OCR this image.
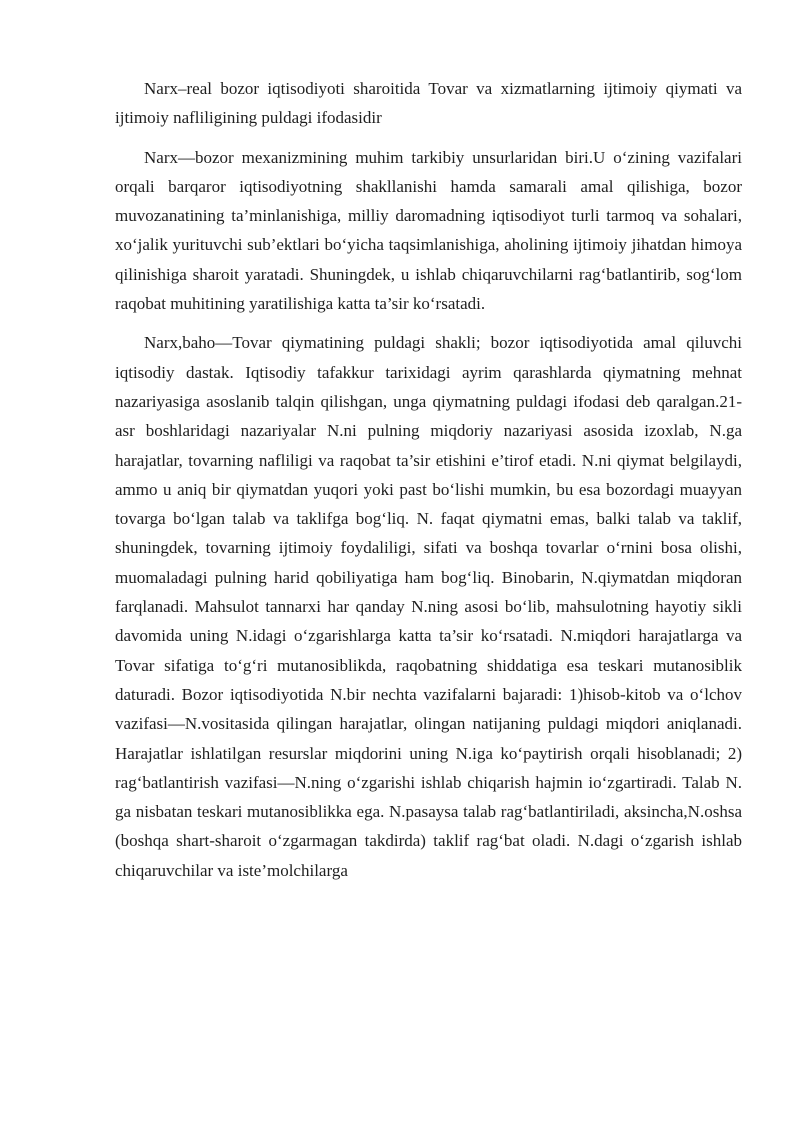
Narx–real bozor iqtisodiyoti sharoitida Tovar va xizmatlarning ijtimoiy qiymati va ijtimoiy nafliligining puldagi ifodasidir

Narx—bozor mexanizmining muhim tarkibiy unsurlaridan biri.U o‘zining vazifalari orqali barqaror iqtisodiyotning shakllanishi hamda samarali amal qilishiga, bozor muvozanatining ta’minlanishiga, milliy daromadning iqtisodiyot turli tarmoq va sohalari, xo‘jalik yurituvchi sub’ektlari bo‘yicha taqsimlanishiga, aholining ijtimoiy jihatdan himoya qilinishiga sharoit yaratadi. Shuningdek, u ishlab chiqaruvchilarni rag‘batlantirib, sog‘lom raqobat muhitining yaratilishiga katta ta’sir ko‘rsatadi.

Narx,baho—Tovar qiymatining puldagi shakli; bozor iqtisodiyotida amal qiluvchi iqtisodiy dastak. Iqtisodiy tafakkur tarixidagi ayrim qarashlarda qiymatning mehnat nazariyasiga asoslanib talqin qilishgan, unga qiymatning puldagi ifodasi deb qaralgan.21-asr boshlaridagi nazariyalar N.ni pulning miqdoriy nazariyasi asosida izoxlab, N.ga harajatlar, tovarning nafliligi va raqobat ta’sir etishini e’tirof etadi. N.ni qiymat belgilaydi, ammo u aniq bir qiymatdan yuqori yoki past bo‘lishi mumkin, bu esa bozordagi muayyan tovarga bo‘lgan talab va taklifga bog‘liq. N. faqat qiymatni emas, balki talab va taklif, shuningdek, tovarning ijtimoiy foydaliligi, sifati va boshqa tovarlar o‘rnini bosa olishi, muomaladagi pulning harid qobiliyatiga ham bog‘liq. Binobarin, N.qiymatdan miqdoran farqlanadi. Mahsulot tannarxi har qanday N.ning asosi bo‘lib, mahsulotning hayotiy sikli davomida uning N.idagi o‘zgarishlarga katta ta’sir ko‘rsatadi. N.miqdori harajatlarga va Tovar sifatiga to‘g‘ri mutanosiblikda, raqobatning shiddatiga esa teskari mutanosiblik daturadi. Bozor iqtisodiyotida N.bir nechta vazifalarni bajaradi: 1)hisob-kitob va o‘lchov vazifasi—N.vositasida qilingan harajatlar, olingan natijaning puldagi miqdori aniqlanadi. Harajatlar ishlatilgan resurslar miqdorini uning N.iga ko‘paytirish orqali hisoblanadi; 2) rag‘batlantirish vazifasi—N.ning o‘zgarishi ishlab chiqarish hajmin io‘zgartiradi. Talab N. ga nisbatan teskari mutanosiblikka ega. N.pasaysa talab rag‘batlantiriladi, aksincha,N.oshsa (boshqa shart-sharoit o‘zgarmagan takdirda) taklif rag‘bat oladi. N.dagi o‘zgarish ishlab chiqaruvchilar va iste’molchilarga
